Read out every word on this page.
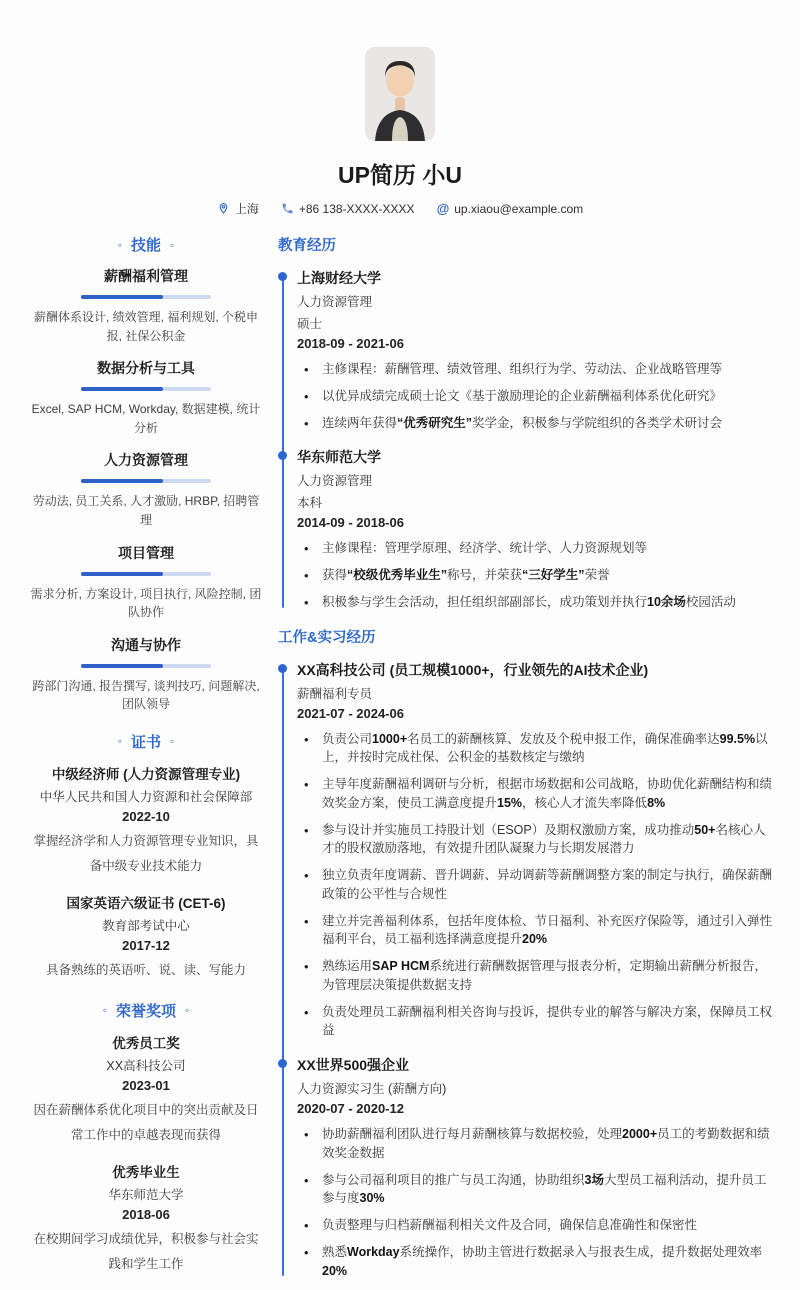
UP简历 小U
上海	+86 138-XXXX-XXXX @ up.xiaou@example.com
◦ 技能 ◦
薪酬福利管理

薪酬体系设计, 绩效管理, 福利规划, 个税申报, 社保公积金

数据分析与工具

Excel, SAP HCM, Workday, 数据建模, 统计分析

人力资源管理

劳动法, 员工关系, 人才激励, HRBP, 招聘管理

项目管理

需求分析, 方案设计, 项目执行, 风险控制, 团队协作

沟通与协作

跨部门沟通, 报告撰写, 谈判技巧, 问题解决, 团队领导

◦ 证书 ◦
中级经济师 (人力资源管理专业)
中华人民共和国人力资源和社会保障部
2022-10

掌握经济学和人力资源管理专业知识，具备中级专业技术能力

国家英语六级证书 (CET-6)
教育部考试中心
2017-12

具备熟练的英语听、说、读、写能力

◦ 荣誉奖项 ◦
优秀员工奖
XX高科技公司
2023-01

因在薪酬体系优化项目中的突出贡献及日常工作中的卓越表现而获得

优秀毕业生
华东师范大学
2018-06

在校期间学习成绩优异，积极参与社会实践和学生工作

教育经历
上海财经大学
人力资源管理
硕士
2018-09 - 2021-06
• 主修课程：薪酬管理、绩效管理、组织行为学、劳动法、企业战略管理等
• 以优异成绩完成硕士论文《基于激励理论的企业薪酬福利体系优化研究》
• 连续两年获得“优秀研究生”奖学金，积极参与学院组织的各类学术研讨会
华东师范大学
人力资源管理
本科
2014-09 - 2018-06
• 主修课程：管理学原理、经济学、统计学、人力资源规划等
• 获得“校级优秀毕业生”称号，并荣获“三好学生”荣誉
• 积极参与学生会活动，担任组织部副部长，成功策划并执行10余场校园活动
工作&实习经历
XX高科技公司 (员工规模1000+，行业领先的AI技术企业)
薪酬福利专员
2021-07 - 2024-06
• 负责公司1000+名员工的薪酬核算、发放及个税申报工作，确保准确率达99.5%以上，并按时完成社保、公积金的基数核定与缴纳
• 主导年度薪酬福利调研与分析，根据市场数据和公司战略，协助优化薪酬结构和绩效奖金方案，使员工满意度提升15%，核心人才流失率降低8%
• 参与设计并实施员工持股计划（ESOP）及期权激励方案，成功推动50+名核心人才的股权激励落地，有效提升团队凝聚力与长期发展潜力
• 独立负责年度调薪、晋升调薪、异动调薪等薪酬调整方案的制定与执行，确保薪酬政策的公平性与合规性
• 建立并完善福利体系，包括年度体检、节日福利、补充医疗保险等，通过引入弹性福利平台，员工福利选择满意度提升20%
• 熟练运用SAP HCM系统进行薪酬数据管理与报表分析，定期输出薪酬分析报告，为管理层决策提供数据支持
• 负责处理员工薪酬福利相关咨询与投诉，提供专业的解答与解决方案，保障员工权益
XX世界500强企业
人力资源实习生 (薪酬方向)
2020-07 - 2020-12
• 协助薪酬福利团队进行每月薪酬核算与数据校验，处理2000+员工的考勤数据和绩效奖金数据
• 参与公司福利项目的推广与员工沟通，协助组织3场大型员工福利活动，提升员工参与度30%
• 负责整理与归档薪酬福利相关文件及合同，确保信息准确性和保密性
• 熟悉Workday系统操作，协助主管进行数据录入与报表生成，提升数据处理效率20%
